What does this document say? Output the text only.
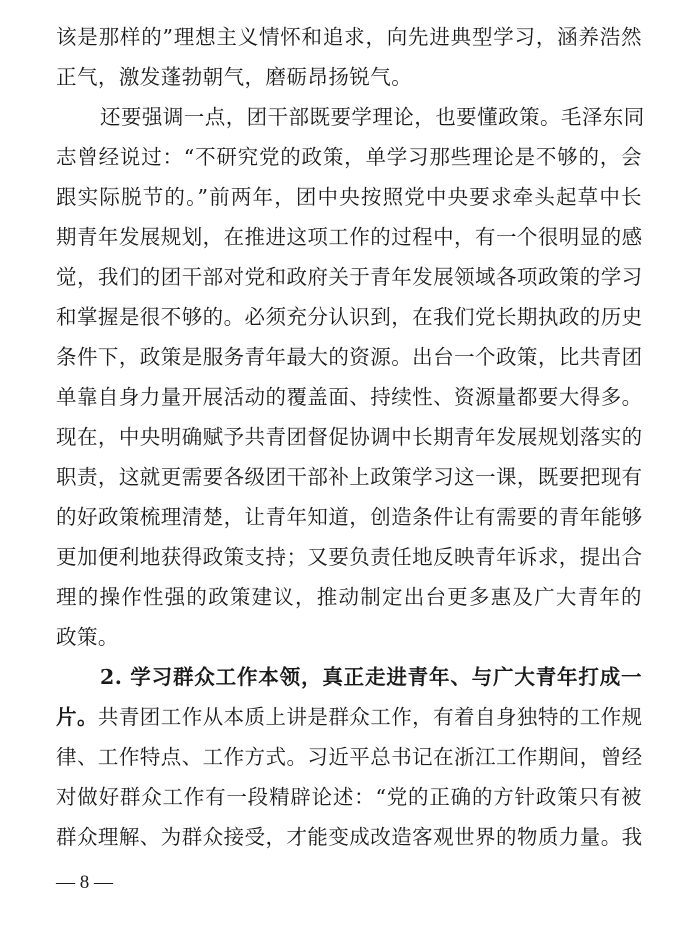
该是那样的”理想主义情怀和追求，向先进典型学习，涵养浩然
正气，激发蓬勃朝气，磨砺昂扬锐气。
还要强调一点，团干部既要学理论，也要懂政策。毛泽东同
志曾经说过：“不研究党的政策，单学习那些理论是不够的，会
跟实际脱节的。”前两年，团中央按照党中央要求牵头起草中长
期青年发展规划，在推进这项工作的过程中，有一个很明显的感
觉，我们的团干部对党和政府关于青年发展领域各项政策的学习
和掌握是很不够的。必须充分认识到，在我们党长期执政的历史
条件下，政策是服务青年最大的资源。出台一个政策，比共青团
单靠自身力量开展活动的覆盖面、持续性、资源量都要大得多。
现在，中央明确赋予共青团督促协调中长期青年发展规划落实的
职责，这就更需要各级团干部补上政策学习这一课，既要把现有
的好政策梳理清楚，让青年知道，创造条件让有需要的青年能够
更加便利地获得政策支持；又要负责任地反映青年诉求，提出合
理的操作性强的政策建议，推动制定出台更多惠及广大青年的
政策。
2. 学习群众工作本领，真正走进青年、与广大青年打成一
片。共青团工作从本质上讲是群众工作，有着自身独特的工作规
律、工作特点、工作方式。习近平总书记在浙江工作期间，曾经
对做好群众工作有一段精辟论述：“党的正确的方针政策只有被
群众理解、为群众接受，才能变成改造客观世界的物质力量。我
— 8 —
